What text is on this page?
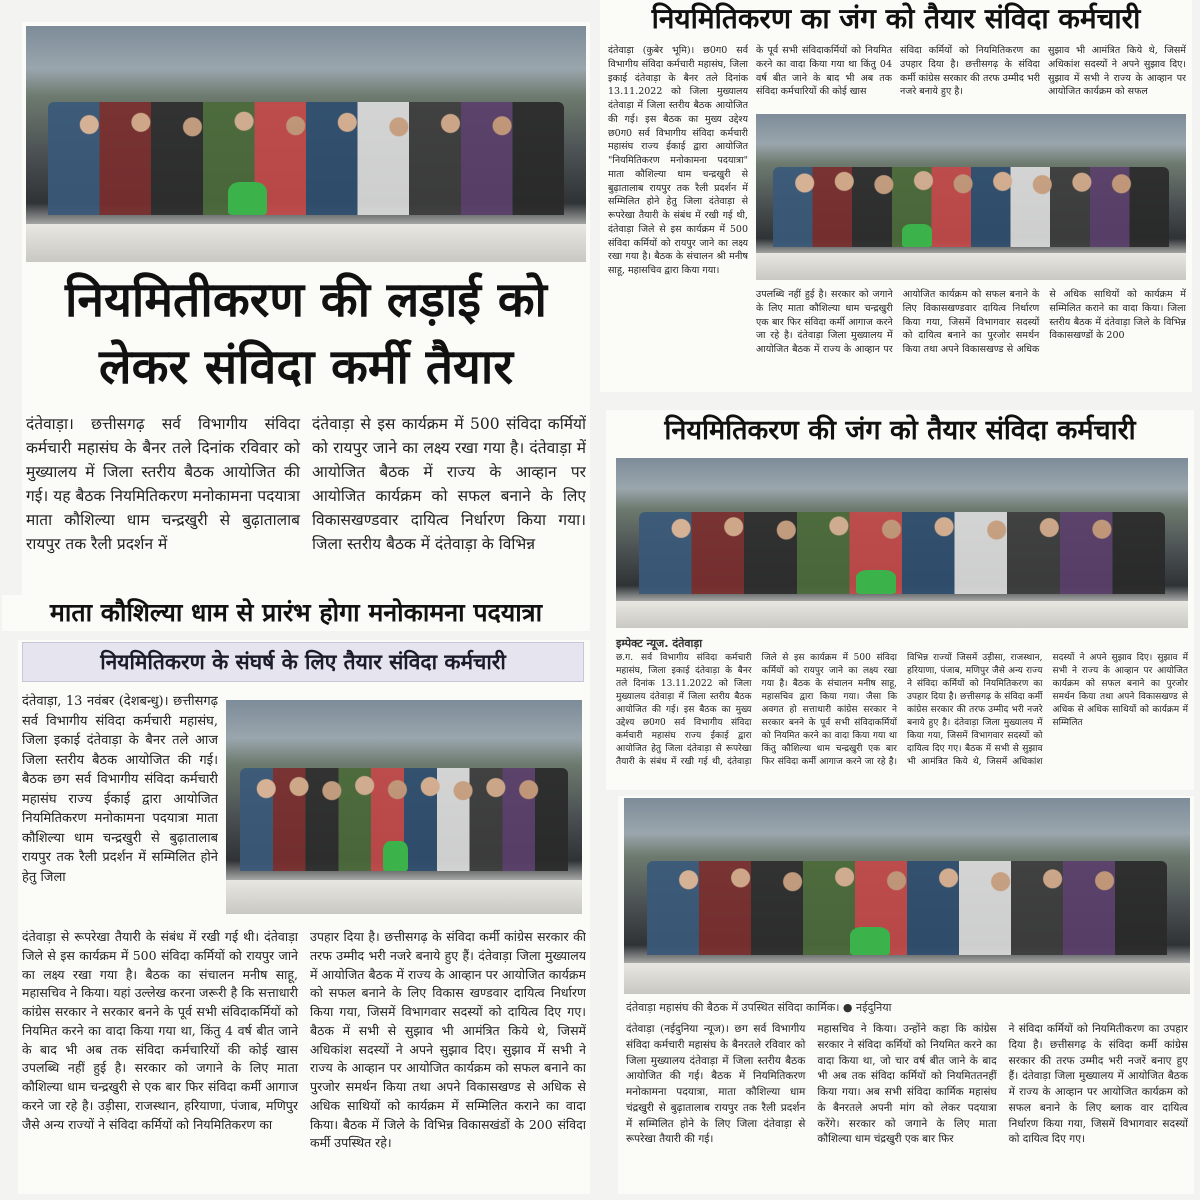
नियमितीकरण की लड़ाई को
लेकर संविदा कर्मी तैयार
दंतेवाड़ा। छत्तीसगढ़ सर्व विभागीय संविदा कर्मचारी महासंघ के बैनर तले दिनांक रविवार को मुख्यालय में जिला स्तरीय बैठक आयोजित की गई। यह बैठक नियमितिकरण मनोकामना पदयात्रा माता कौशिल्या धाम चन्द्रखुरी से बुढ़ातालाब रायपुर तक रैली प्रदर्शन में
दंतेवाड़ा से इस कार्यक्रम में 500 संविदा कर्मियों को रायपुर जाने का लक्ष्य रखा गया है। दंतेवाड़ा में आयोजित बैठक में राज्य के आव्हान पर आयोजित कार्यक्रम को सफल बनाने के लिए विकासखण्डवार दायित्व निर्धारण किया गया। जिला स्तरीय बैठक में दंतेवाड़ा के विभिन्न
माता कौशिल्या धाम से प्रारंभ होगा मनोकामना पदयात्रा
नियमितिकरण का जंग को तैयार संविदा कर्मचारी
दंतेवाड़ा (कुबेर भूमि)। छ0ग0 सर्व विभागीय संविदा कर्मचारी महासंघ, जिला इकाई दंतेवाड़ा के बैनर तले दिनांक 13.11.2022 को जिला मुख्यालय दंतेवाड़ा में जिला स्तरीय बैठक आयोजित की गई। इस बैठक का मुख्य उद्देश्य छ0ग0 सर्व विभागीय संविदा कर्मचारी महासंघ राज्य ईकाई द्वारा आयोजित "नियमितिकरण मनोकामना पदयात्रा" माता कौशिल्या धाम चन्द्रखुरी से बुढ़ातालाब रायपुर तक रैली प्रदर्शन में सम्मिलित होने हेतु जिला दंतेवाड़ा से रूपरेखा तैयारी के संबंध में रखी गई थी, दंतेवाड़ा जिले से इस कार्यक्रम में 500 संविदा कर्मियों को रायपुर जाने का लक्ष्य रखा गया है। बैठक के संचालन श्री मनीष साहू, महासचिव द्वारा किया गया।
के पूर्व सभी संविदाकर्मियों को नियमित करने का वादा किया गया था किंतु 04 वर्ष बीत जाने के बाद भी अब तक संविदा कर्मचारियों की कोई खास
संविदा कर्मियों को नियमितिकरण का उपहार दिया है। छत्तीसगढ़ के संविदा कर्मी कांग्रेस सरकार की तरफ उम्मीद भरी नजरे बनाये हुए है।
सुझाव भी आमंत्रित किये थे, जिसमें अधिकांश सदस्यों ने अपने सुझाव दिए। सुझाव में सभी ने राज्य के आव्हान पर आयोजित कार्यक्रम को सफल
उपलब्धि नहीं हुई है। सरकार को जगाने के लिए माता कौशिल्या धाम चन्द्रखुरी एक बार फिर संविदा कर्मी आगाज करने जा रहे है। दंतेवाड़ा जिला मुख्यालय में आयोजित बैठक में राज्य के आव्हान पर आयोजित कार्यक्रम को सफल बनाने के लिए विकासखण्डवार दायित्व निर्धारण किया गया, जिसमें विभागवार सदस्यों को दायित्व बनाने का पुरजोर समर्थन किया तथा अपने विकासखण्ड से अधिक से अधिक साथियों को कार्यक्रम में सम्मिलित कराने का वादा किया। जिला स्तरीय बैठक में दंतेवाड़ा जिले के विभिन्न विकासखण्डों के 200
नियमितिकरण के संघर्ष के लिए तैयार संविदा कर्मचारी
दंतेवाड़ा, 13 नवंबर (देशबन्धु)। छत्तीसगढ़ सर्व विभागीय संविदा कर्मचारी महासंघ, जिला इकाई दंतेवाड़ा के बैनर तले आज जिला स्तरीय बैठक आयोजित की गई। बैठक छग सर्व विभागीय संविदा कर्मचारी महासंघ राज्य ईकाई द्वारा आयोजित नियमितिकरण मनोकामना पदयात्रा माता कौशिल्या धाम चन्द्रखुरी से बुढ़ातालाब रायपुर तक रैली प्रदर्शन में सम्मिलित होने हेतु जिला
दंतेवाड़ा से रूपरेखा तैयारी के संबंध में रखी गई थी। दंतेवाड़ा जिले से इस कार्यक्रम में 500 संविदा कर्मियों को रायपुर जाने का लक्ष्य रखा गया है। बैठक का संचालन मनीष साहू, महासचिव ने किया। यहां उल्लेख करना जरूरी है कि सत्ताधारी कांग्रेस सरकार ने सरकार बनने के पूर्व सभी संविदाकर्मियों को नियमित करने का वादा किया गया था, किंतु 4 वर्ष बीत जाने के बाद भी अब तक संविदा कर्मचारियों की कोई खास उपलब्धि नहीं हुई है। सरकार को जगाने के लिए माता कौशिल्या धाम चन्द्रखुरी से एक बार फिर संविदा कर्मी आगाज करने जा रहे है। उड़ीसा, राजस्थान, हरियाणा, पंजाब, मणिपुर जैसे अन्य राज्यों ने संविदा कर्मियों को नियमितिकरण का
उपहार दिया है। छत्तीसगढ़ के संविदा कर्मी कांग्रेस सरकार की तरफ उम्मीद भरी नजरे बनाये हुए हैं। दंतेवाड़ा जिला मुख्यालय में आयोजित बैठक में राज्य के आव्हान पर आयोजित कार्यक्रम को सफल बनाने के लिए विकास खण्डवार दायित्व निर्धारण किया गया, जिसमें विभागवार सदस्यों को दायित्व दिए गए। बैठक में सभी से सुझाव भी आमंत्रित किये थे, जिसमें अधिकांश सदस्यों ने अपने सुझाव दिए। सुझाव में सभी ने राज्य के आव्हान पर आयोजित कार्यक्रम को सफल बनाने का पुरजोर समर्थन किया तथा अपने विकासखण्ड से अधिक से अधिक साथियों को कार्यक्रम में सम्मिलित कराने का वादा किया। बैठक में जिले के विभिन्न विकासखंडों के 200 संविदा कर्मी उपस्थित रहे।
नियमितिकरण की जंग को तैयार संविदा कर्मचारी
इम्पेक्ट न्यूज. दंतेवाड़ा
छ.ग. सर्व विभागीय संविदा कर्मचारी महासंघ, जिला इकाई दंतेवाड़ा के बैनर तले दिनांक 13.11.2022 को जिला मुख्यालय दंतेवाड़ा में जिला स्तरीय बैठक आयोजित की गई। इस बैठक का मुख्य उद्देश्य छ0ग0 सर्व विभागीय संविदा कर्मचारी महासंघ राज्य ईकाई द्वारा आयोजित हेतु जिला दंतेवाड़ा से रूपरेखा तैयारी के संबंध में रखी गई थी, दंतेवाड़ा जिले से इस कार्यक्रम में 500 संविदा कर्मियों को रायपुर जाने का लक्ष्य रखा गया है। बैठक के संचालन मनीष साहू, महासचिव द्वारा किया गया। जैसा कि अवगत हो सत्ताधारी कांग्रेस सरकार ने सरकार बनने के पूर्व सभी संविदाकर्मियों को नियमित करने का वादा किया गया था किंतु कौशिल्या धाम चन्द्रखुरी एक बार फिर संविदा कर्मी आगाज करने जा रहे है। विभिन्न राज्यों जिसमें उड़ीसा, राजस्थान, हरियाणा, पंजाब, मणिपुर जैसे अन्य राज्य ने संविदा कर्मियों को नियमितिकरण का उपहार दिया है। छत्तीसगढ़ के संविदा कर्मी कांग्रेस सरकार की तरफ उम्मीद भरी नजरे बनाये हुए है। दंतेवाड़ा जिला मुख्यालय में किया गया, जिसमें विभागवार सदस्यों को दायित्व दिए गए। बैठक में सभी से सुझाव भी आमंत्रित किये थे, जिसमें अधिकांश सदस्यों ने अपने सुझाव दिए। सुझाव में सभी ने राज्य के आव्हान पर आयोजित कार्यक्रम को सफल बनाने का पुरजोर समर्थन किया तथा अपने विकासखण्ड से अधिक से अधिक साथियों को कार्यक्रम में सम्मिलित
दंतेवाड़ा महासंघ की बैठक में उपस्थित संविदा कार्मिक। ● नईदुनिया
दंतेवाड़ा (नईदुनिया न्यूज)। छग सर्व विभागीय संविदा कर्मचारी महासंघ के बैनरतले रविवार को जिला मुख्यालय दंतेवाड़ा में जिला स्तरीय बैठक आयोजित की गई। बैठक में नियमितिकरण मनोकामना पदयात्रा, माता कौशिल्या धाम चंद्रखुरी से बुढ़ातालाब रायपुर तक रैली प्रदर्शन में सम्मिलित होने के लिए जिला दंतेवाड़ा से रूपरेखा तैयारी की गई।
महासचिव ने किया। उन्होंने कहा कि कांग्रेस सरकार ने संविदा कर्मियों को नियमित करने का वादा किया था, जो चार वर्ष बीत जाने के बाद भी अब तक संविदा कर्मियों को नियमिततनहीं किया गया। अब सभी संविदा कार्मिक महासंघ के बैनरतले अपनी मांग को लेकर पदयात्रा करेंगे। सरकार को जगाने के लिए माता कौशिल्या धाम चंद्रखुरी एक बार फिर
ने संविदा कर्मियों को नियमितीकरण का उपहार दिया है। छत्तीसगढ़ के संविदा कर्मी कांग्रेस सरकार की तरफ उम्मीद भरी नजरें बनाए हुए हैं। दंतेवाड़ा जिला मुख्यालय में आयोजित बैठक में राज्य के आव्हान पर आयोजित कार्यक्रम को सफल बनाने के लिए ब्लाक वार दायित्व निर्धारण किया गया, जिसमें विभागवार सदस्यों को दायित्व दिए गए।
